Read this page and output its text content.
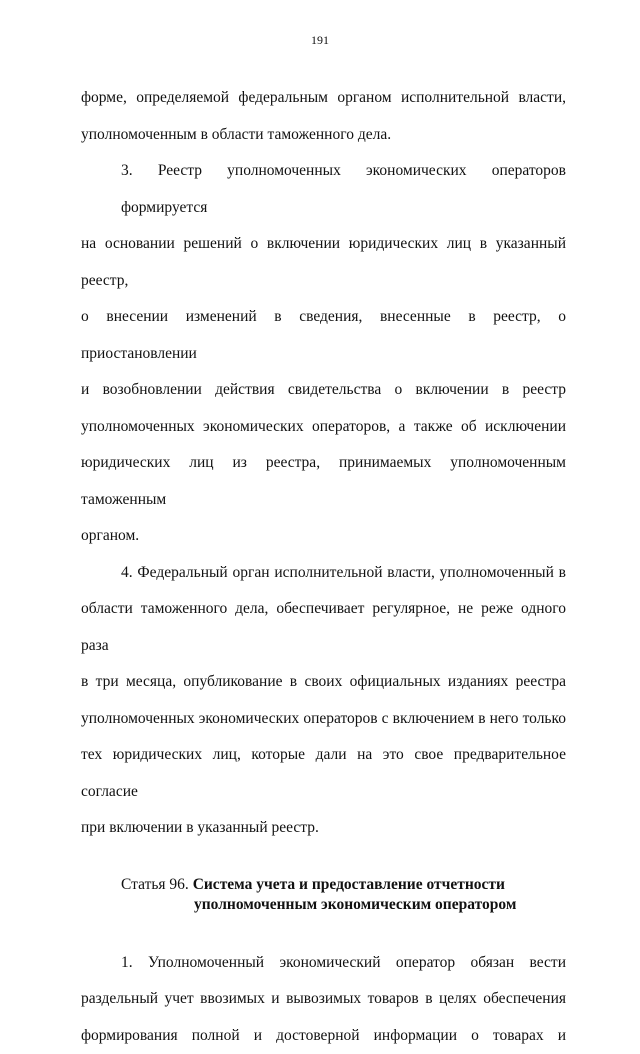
191

форме, определяемой федеральным органом исполнительной власти,
уполномоченным в области таможенного дела.

3. Реестр уполномоченных экономических операторов формируется
на основании решений о включении юридических лиц в указанный реестр,
о внесении изменений в сведения, внесенные в реестр, о приостановлении
и возобновлении действия свидетельства о включении в реестр
уполномоченных экономических операторов, а также об исключении
юридических лиц из реестра, принимаемых уполномоченным таможенным
органом.

4. Федеральный орган исполнительной власти, уполномоченный в
области таможенного дела, обеспечивает регулярное, не реже одного раза
в три месяца, опубликование в своих официальных изданиях реестра
уполномоченных экономических операторов с включением в него только
тех юридических лиц, которые дали на это свое предварительное согласие
при включении в указанный реестр.

Статья 96. Система учета и предоставление отчетности
уполномоченным экономическим оператором

1. Уполномоченный экономический оператор обязан вести
раздельный учет ввозимых и вывозимых товаров в целях обеспечения
формирования полной и достоверной информации о товарах и
